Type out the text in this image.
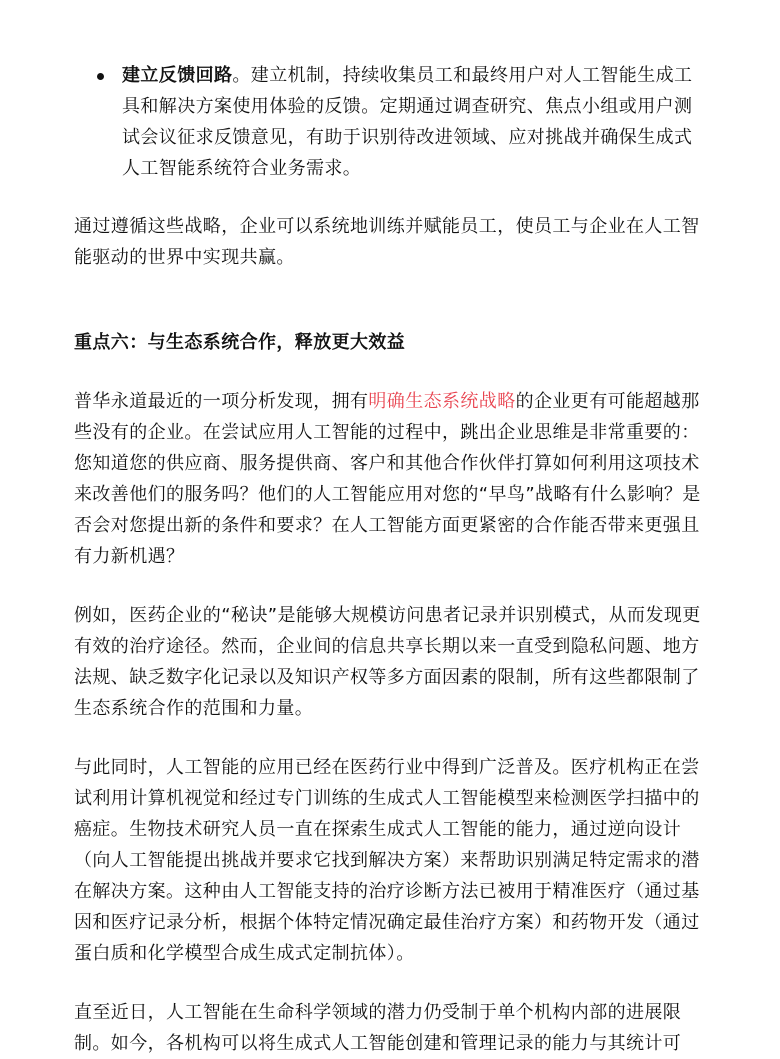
建立反馈回路。建立机制，持续收集员工和最终用户对人工智能生成工具和解决方案使用体验的反馈。定期通过调查研究、焦点小组或用户测试会议征求反馈意见，有助于识别待改进领域、应对挑战并确保生成式人工智能系统符合业务需求。

通过遵循这些战略，企业可以系统地训练并赋能员工，使员工与企业在人工智能驱动的世界中实现共赢。

重点六：与生态系统合作，释放更大效益

普华永道最近的一项分析发现，拥有明确生态系统战略的企业更有可能超越那些没有的企业。在尝试应用人工智能的过程中，跳出企业思维是非常重要的：您知道您的供应商、服务提供商、客户和其他合作伙伴打算如何利用这项技术来改善他们的服务吗？他们的人工智能应用对您的“早鸟”战略有什么影响？是否会对您提出新的条件和要求？在人工智能方面更紧密的合作能否带来更强且有力新机遇？

例如，医药企业的“秘诀”是能够大规模访问患者记录并识别模式，从而发现更有效的治疗途径。然而，企业间的信息共享长期以来一直受到隐私问题、地方法规、缺乏数字化记录以及知识产权等多方面因素的限制，所有这些都限制了生态系统合作的范围和力量。

与此同时，人工智能的应用已经在医药行业中得到广泛普及。医疗机构正在尝试利用计算机视觉和经过专门训练的生成式人工智能模型来检测医学扫描中的癌症。生物技术研究人员一直在探索生成式人工智能的能力，通过逆向设计（向人工智能提出挑战并要求它找到解决方案）来帮助识别满足特定需求的潜在解决方案。这种由人工智能支持的治疗诊断方法已被用于精准医疗（通过基因和医疗记录分析，根据个体特定情况确定最佳治疗方案）和药物开发（通过蛋白质和化学模型合成生成式定制抗体）。

直至近日，人工智能在生命科学领域的潜力仍受制于单个机构内部的进展限制。如今，各机构可以将生成式人工智能创建和管理记录的能力与其统计可
